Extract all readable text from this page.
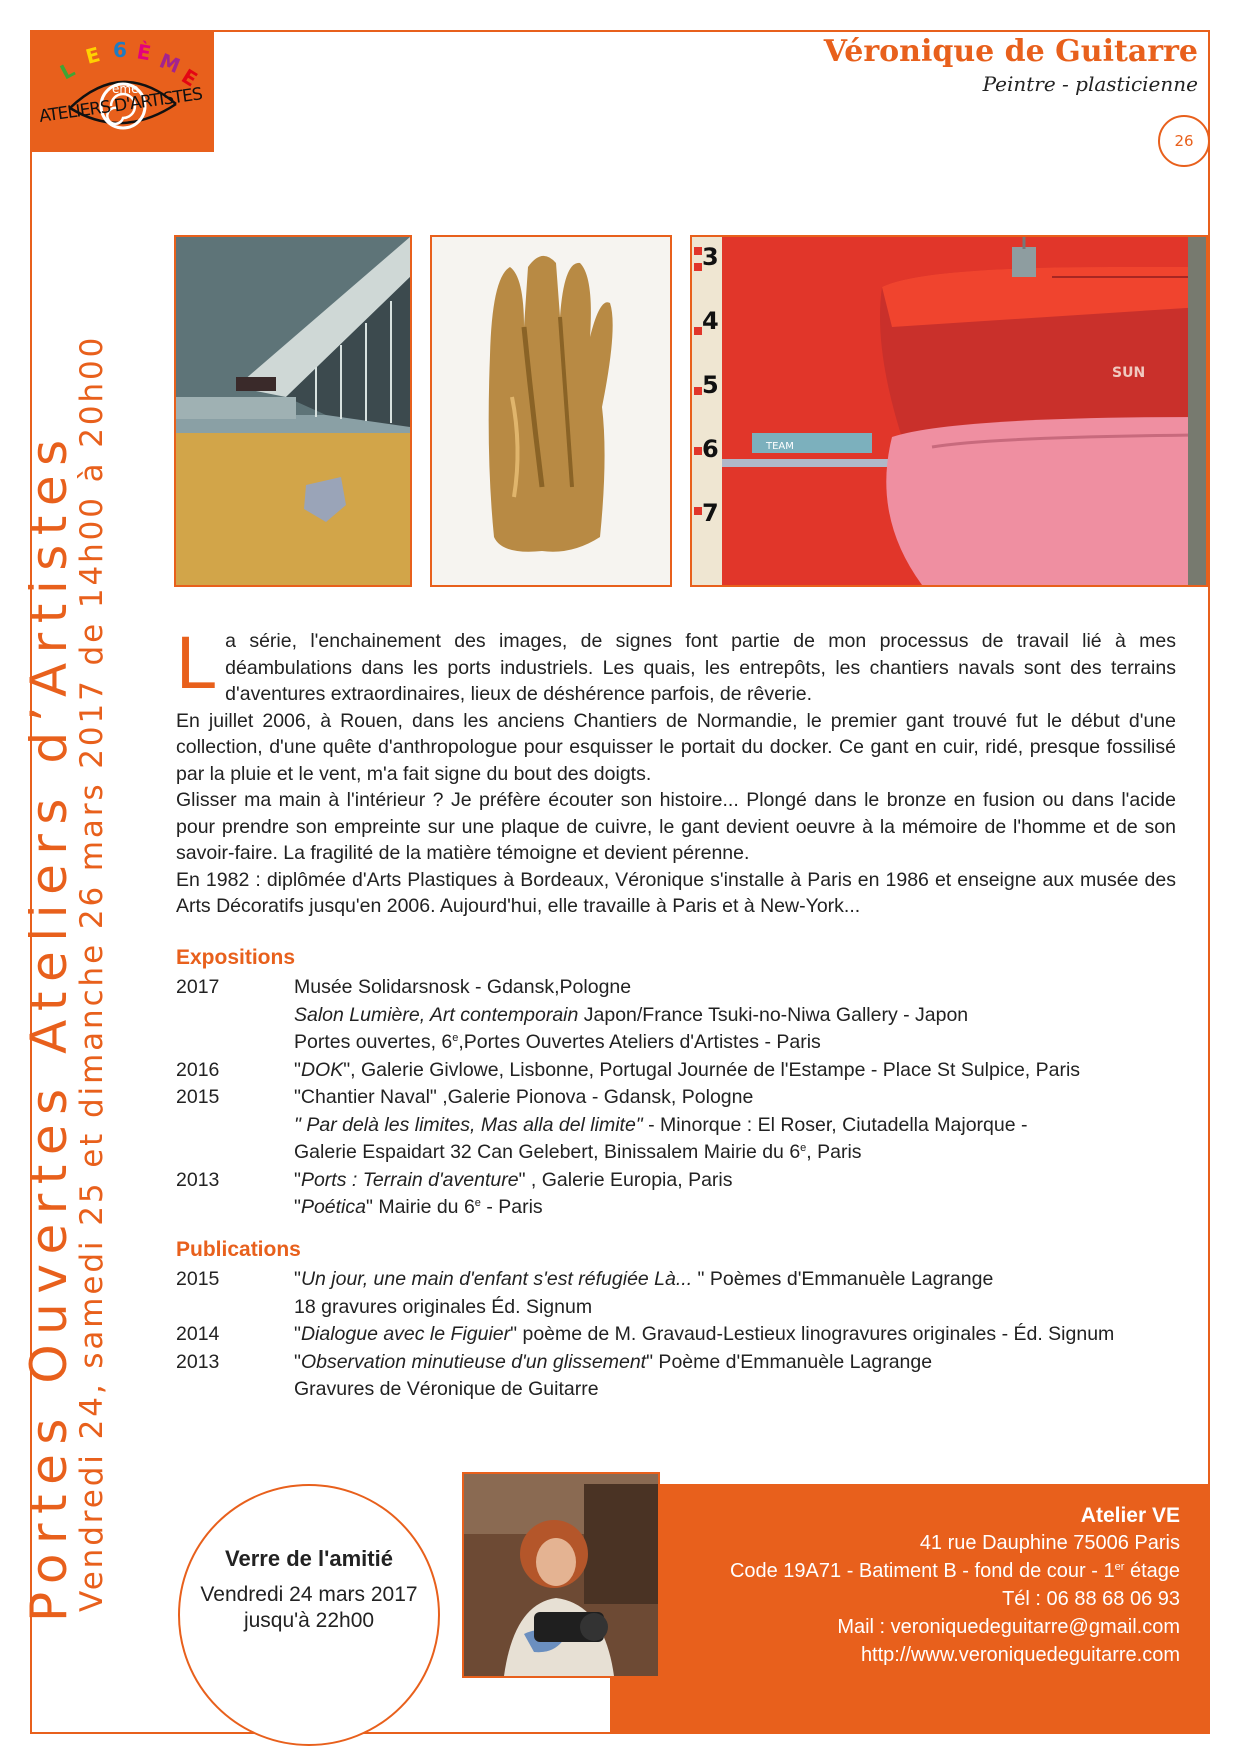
L
E 6 È M
E
eme
ATELIERS D'ARTISTES
Véronique de Guitarre
Peintre - plasticienne
26
Portes Ouvertes Ateliers d’Artistes
Vendredi 24, samedi 25 et dimanche 26 mars 2017 de 14h00 à 20h00
3
4
5
6
7
TEAM
SUN

La série, l'enchainement des images, de signes font partie de mon processus de travail lié à mes déambulations dans les ports industriels. Les quais, les entrepôts, les chantiers navals sont des terrains d'aventures extraordinaires, lieux de déshérence parfois, de rêverie.

En juillet 2006, à Rouen, dans les anciens Chantiers de Normandie, le premier gant trouvé fut le début d'une collection, d'une quête d'anthropologue pour esquisser le portait du docker. Ce gant en cuir, ridé, presque fossilisé par la pluie et le vent, m'a fait signe du bout des doigts.

Glisser ma main à l'intérieur ? Je préfère écouter son histoire... Plongé dans le bronze en fusion ou dans l'acide pour prendre son empreinte sur une plaque de cuivre, le gant devient oeuvre à la mémoire de l'homme et de son savoir-faire. La fragilité de la matière témoigne et devient pérenne.

En 1982 : diplômée d'Arts Plastiques à Bordeaux, Véronique s'installe à Paris en 1986 et enseigne aux musée des Arts Décoratifs jusqu'en 2006. Aujourd'hui, elle travaille à Paris et à New-York...

Expositions
2017	Musée Solidarsnosk - Gdansk,Pologne
Salon Lumière, Art contemporain Japon/France Tsuki-no-Niwa Gallery - Japon
Portes ouvertes, 6e,Portes Ouvertes Ateliers d'Artistes - Paris
2016	"DOK", Galerie Givlowe, Lisbonne, Portugal Journée de l'Estampe - Place St Sulpice, Paris
2015	"Chantier Naval" ,Galerie Pionova - Gdansk, Pologne
" Par delà les limites, Mas alla del limite" - Minorque : El Roser, Ciutadella Majorque -
Galerie Espaidart 32 Can Gelebert, Binissalem Mairie du 6e, Paris
2013	"Ports : Terrain d'aventure" , Galerie Europia, Paris
"Poética" Mairie du 6e - Paris
Publications
2015	"Un jour, une main d'enfant s'est réfugiée Là... " Poèmes d'Emmanuèle Lagrange
18 gravures originales Éd. Signum
2014	"Dialogue avec le Figuier" poème de M. Gravaud-Lestieux linogravures originales - Éd. Signum
2013	"Observation minutieuse d'un glissement" Poème d'Emmanuèle Lagrange
Gravures de Véronique de Guitarre
Atelier VE
41 rue Dauphine 75006 Paris
Code 19A71 - Batiment B - fond de cour - 1er étage
Tél : 06 88 68 06 93
Mail : veroniquedeguitarre@gmail.com
http://www.veroniquedeguitarre.com
Verre de l'amitié
Vendredi 24 mars 2017
jusqu'à 22h00
